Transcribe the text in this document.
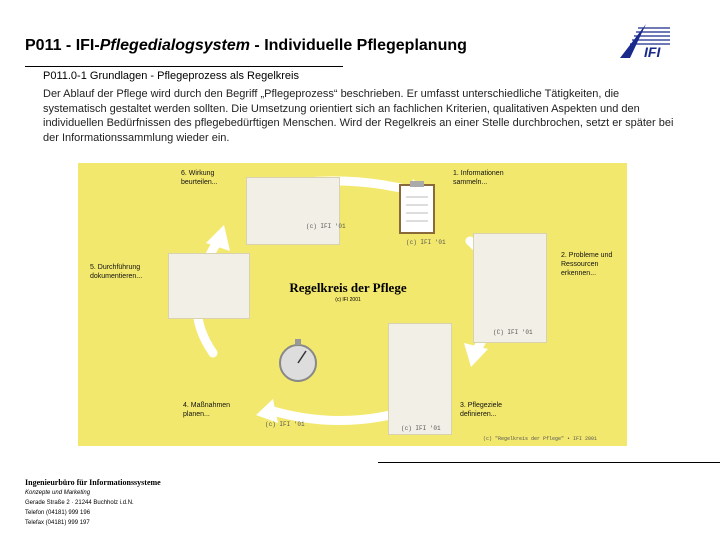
P011 - IFI-Pflegedialogsystem - Individuelle Pflegeplanung	IFI
P011.0-1 Grundlagen - Pflegeprozess als Regelkreis
Der Ablauf der Pflege wird durch den Begriff „Pflegeprozess“ beschrieben. Er umfasst unterschiedliche Tätigkeiten, die systematisch gestaltet werden sollten. Die Umsetzung orientiert sich an fachlichen Kriterien, qualitativen Aspekten und den individuellen Bedürfnissen des pflegebedürftigen Menschen. Wird der Regelkreis an einer Stelle durchbrochen, setzt er später bei der Informationssammlung wieder ein.
6. Wirkung
beurteilen...
1. Informationen
sammeln...
2. Probleme und
Ressourcen
erkennen...
5. Durchführung
dokumentieren...
4. Maßnahmen
planen...
3. Pflegeziele
definieren...
Regelkreis der Pflege
(c) IFI 2001
(c) IFI '01
(c) IFI '01
(C) IFI '01
(c) IFI '01
(c) IFI '01
(c) "Regelkreis der Pflege" • IFI 2001
Ingenieurbüro für Informationssysteme
Konzepte und Marketing
Gerade Straße 2 · 21244 Buchholz i.d.N.
Telefon (04181) 999 196
Telefax (04181) 999 197
